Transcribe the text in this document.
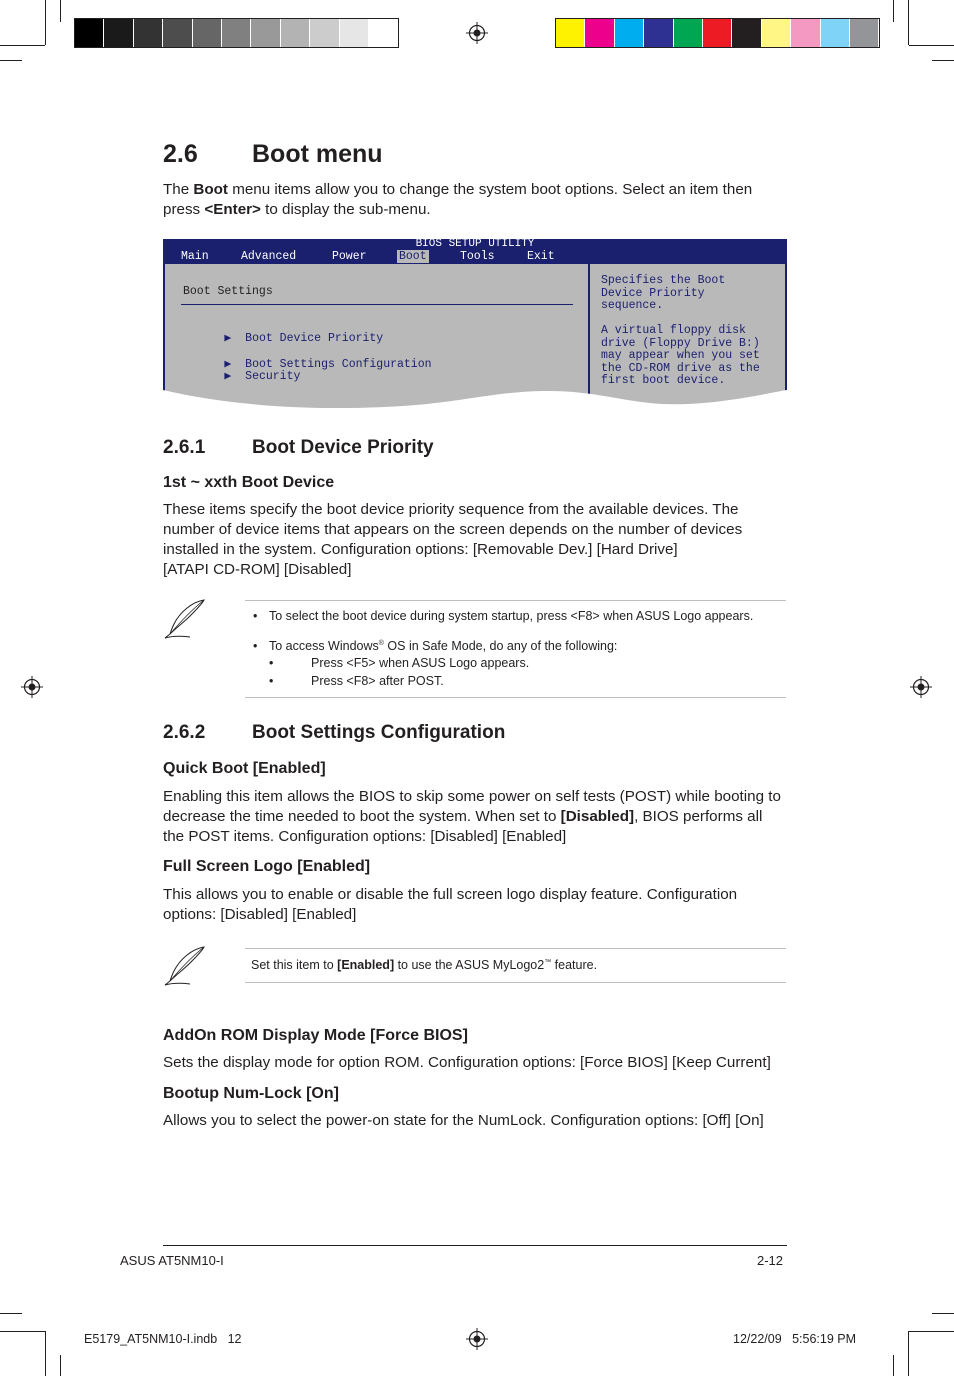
2.6 Boot menu
The Boot menu items allow you to change the system boot options. Select an item then press <Enter> to display the sub-menu.
BIOS SETUP UTILITY
Main	Advanced	Power	Boot	Tools	Exit
Boot Settings

▶ Boot Device Priority

▶ Boot Settings Configuration

▶ Security

Specifies the Boot
Device Priority
sequence.

A virtual floppy disk
drive (Floppy Drive B:)
may appear when you set
the CD-ROM drive as the
first boot device.
2.6.1 Boot Device Priority
1st ~ xxth Boot Device
These items specify the boot device priority sequence from the available devices. The number of device items that appears on the screen depends on the number of devices installed in the system. Configuration options: [Removable Dev.] [Hard Drive]
[ATAPI CD-ROM] [Disabled]
• To select the boot device during system startup, press <F8> when ASUS Logo appears.
• To access Windows® OS in Safe Mode, do any of the following:
•	Press <F5> when ASUS Logo appears.
•	Press <F8> after POST.
2.6.2 Boot Settings Configuration
Quick Boot [Enabled]
Enabling this item allows the BIOS to skip some power on self tests (POST) while booting to decrease the time needed to boot the system. When set to [Disabled], BIOS performs all the POST items. Configuration options: [Disabled] [Enabled]
Full Screen Logo [Enabled]
This allows you to enable or disable the full screen logo display feature. Configuration options: [Disabled] [Enabled]
Set this item to [Enabled] to use the ASUS MyLogo2™ feature.
AddOn ROM Display Mode [Force BIOS]
Sets the display mode for option ROM. Configuration options: [Force BIOS] [Keep Current]
Bootup Num-Lock [On]
Allows you to select the power-on state for the NumLock. Configuration options: [Off] [On]
ASUS AT5NM10-I	2-12
E5179_AT5NM10-I.indb   12	12/22/09   5:56:19 PM
